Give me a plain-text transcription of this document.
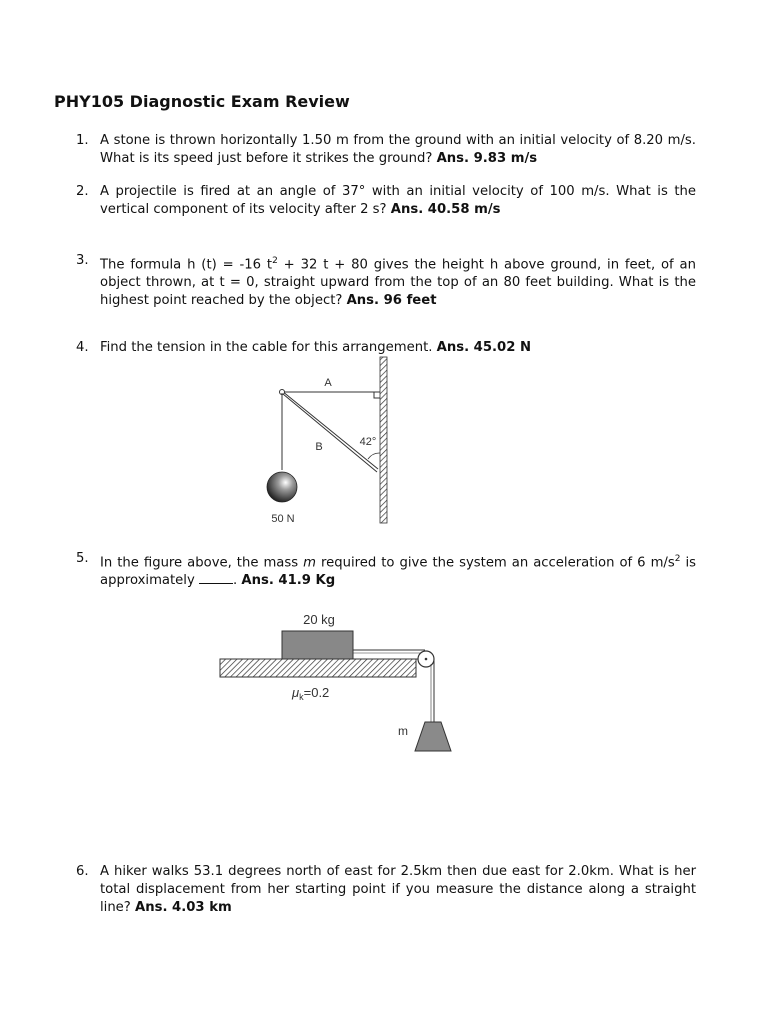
PHY105 Diagnostic Exam Review
1. A stone is thrown horizontally 1.50 m from the ground with an initial velocity of 8.20 m/s. What is its speed just before it strikes the ground? Ans. 9.83 m/s
2. A projectile is fired at an angle of 37° with an initial velocity of 100 m/s. What is the vertical component of its velocity after 2 s? Ans. 40.58 m/s
3. The formula h (t) = -16 $t^2 + 32$ t + 80 gives the height h above ground, in feet, of an object thrown, at t = 0, straight upward from the top of an 80 feet building. What is the highest point reached by the object? Ans. 96 feet
4. Find the tension in the cable for this arrangement. Ans. 45.02 N
A
B	42°
50 N
5. In the figure above, the mass m required to give the system an acceleration of 6 $m/s^2$ is approximately	. Ans. 41.9 Kg
20 kg
m
$\mu_k=0.2$
6. A hiker walks 53.1 degrees north of east for 2.5km then due east for 2.0km. What is her total displacement from her starting point if you measure the distance along a straight line? Ans. 4.03 km
